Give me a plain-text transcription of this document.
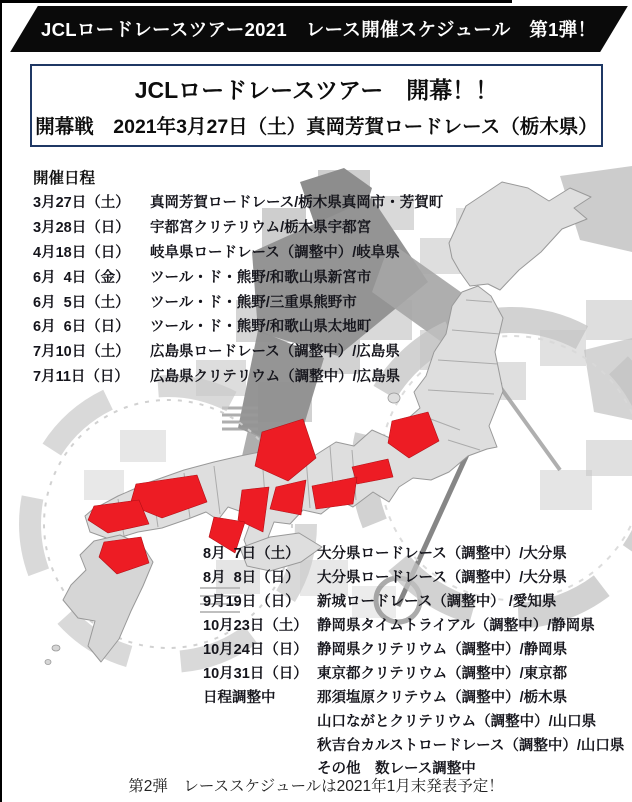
JCLロードレースツアー2021　レース開催スケジュール　第1弾！
JCLロードレースツアー　開幕！！
開幕戦　2021年3月27日（土）真岡芳賀ロードレース（栃木県）
開催日程
3月27日（土）	真岡芳賀ロードレース/栃木県真岡市・芳賀町
3月28日（日）	宇都宮クリテリウム/栃木県宇都宮
4月18日（日）	岐阜県ロードレース（調整中）/岐阜県
6月  4日（金）	ツール・ド・熊野/和歌山県新宮市
6月  5日（土）	ツール・ド・熊野/三重県熊野市
6月  6日（日）	ツール・ド・熊野/和歌山県太地町
7月10日（土）	広島県ロードレース（調整中）/広島県
7月11日（日）	広島県クリテリウム（調整中）/広島県
8月  7日（土）	大分県ロードレース（調整中）/大分県
8月  8日（日）	大分県ロードレース（調整中）/大分県
9月19日（日）	新城ロードレース（調整中） /愛知県
10月23日（土） 静岡県タイムトライアル（調整中）/静岡県
10月24日（日） 静岡県クリテリウム（調整中）/静岡県
10月31日（日） 東京都クリテリウム（調整中）/東京都
日程調整中	那須塩原クリテウム（調整中）/栃木県
山口ながとクリテリウム（調整中）/山口県
秋吉台カルストロードレース（調整中）/山口県
その他　数レース調整中
第2弾　レーススケジュールは2021年1月末発表予定！
